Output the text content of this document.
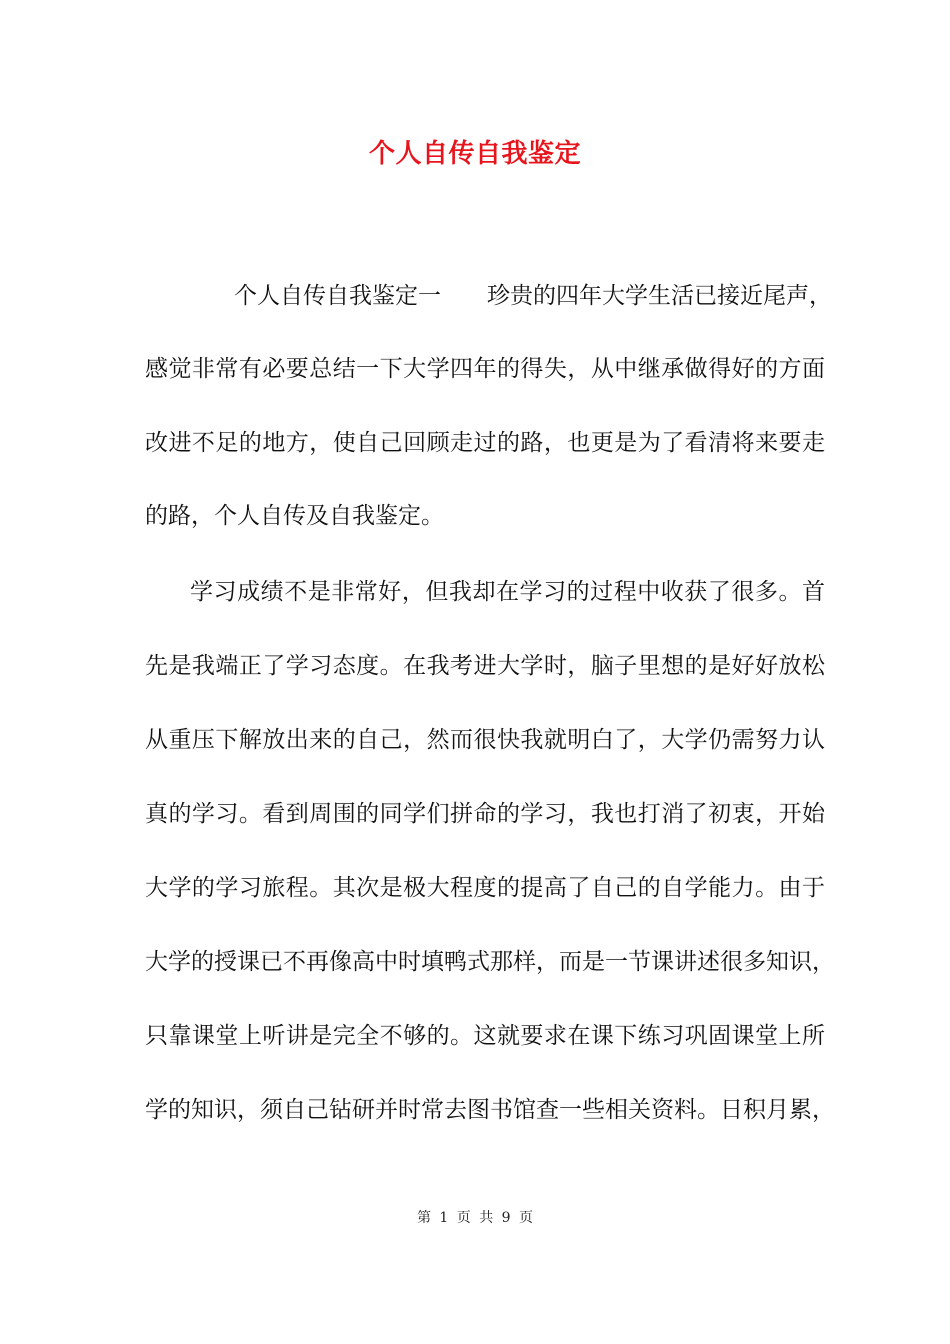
个人自传自我鉴定
个人自传自我鉴定一 珍贵的四年大学生活已接近尾声，
感觉非常有必要总结一下大学四年的得失，从中继承做得好的方面
改进不足的地方，使自己回顾走过的路，也更是为了看清将来要走
的路，个人自传及自我鉴定。
学习成绩不是非常好，但我却在学习的过程中收获了很多。首
先是我端正了学习态度。在我考进大学时，脑子里想的是好好放松
从重压下解放出来的自己，然而很快我就明白了，大学仍需努力认
真的学习。看到周围的同学们拼命的学习，我也打消了初衷，开始
大学的学习旅程。其次是极大程度的提高了自己的自学能力。由于
大学的授课已不再像高中时填鸭式那样，而是一节课讲述很多知识，
只靠课堂上听讲是完全不够的。这就要求在课下练习巩固课堂上所
学的知识，须自己钻研并时常去图书馆查一些相关资料。日积月累，
第 1 页 共 9 页
